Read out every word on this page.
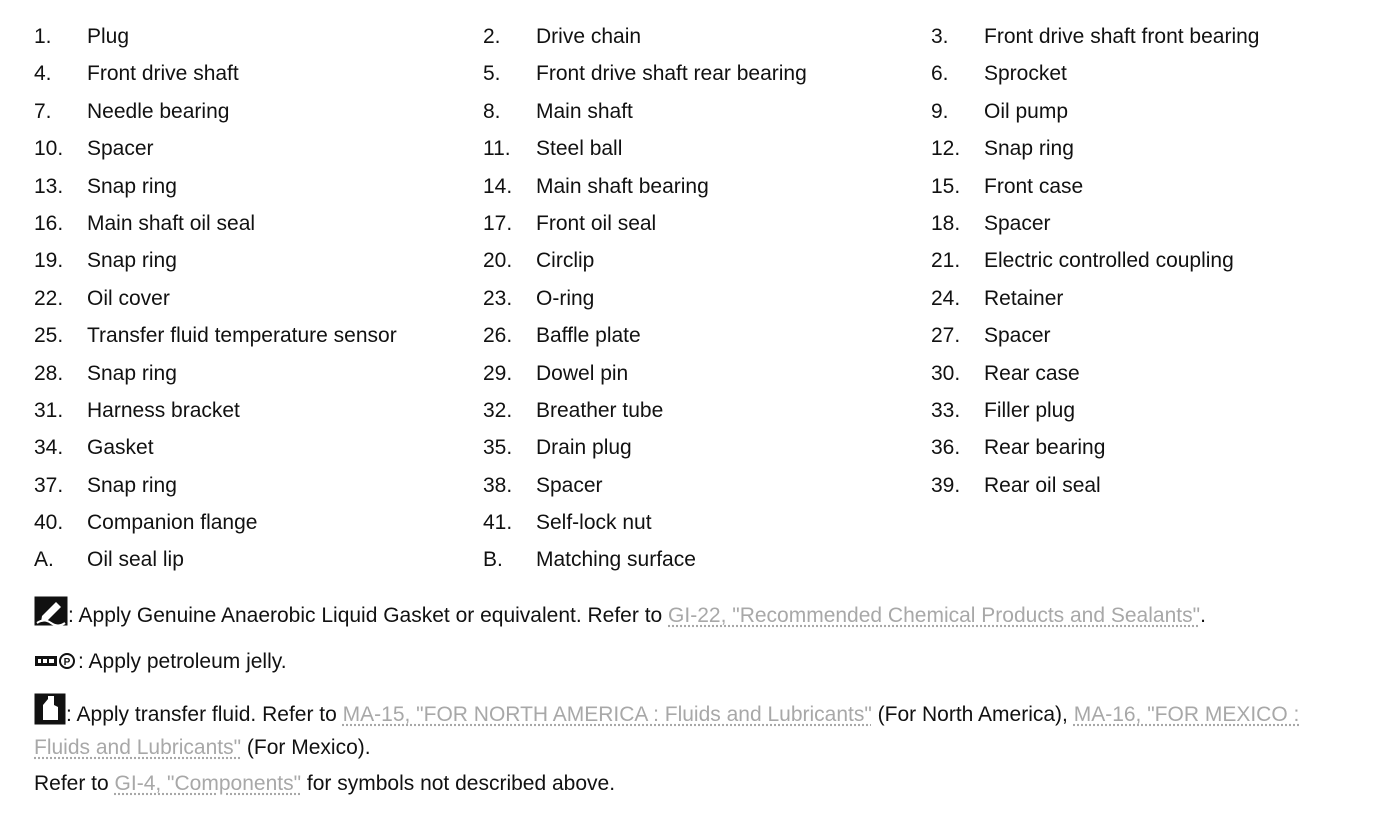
1. Plug	2. Drive chain	3. Front drive shaft front bearing
4. Front drive shaft	5. Front drive shaft rear bearing	6. Sprocket
7. Needle bearing	8. Main shaft	9. Oil pump
10. Spacer	11. Steel ball	12. Snap ring
13. Snap ring	14. Main shaft bearing	15. Front case
16. Main shaft oil seal	17. Front oil seal	18. Spacer
19. Snap ring	20. Circlip	21. Electric controlled coupling
22. Oil cover	23. O-ring	24. Retainer
25. Transfer fluid temperature sensor	26. Baffle plate	27. Spacer
28. Snap ring	29. Dowel pin	30. Rear case
31. Harness bracket	32. Breather tube	33. Filler plug
34. Gasket	35. Drain plug	36. Rear bearing
37. Snap ring	38. Spacer	39. Rear oil seal
40. Companion flange	41. Self-lock nut
A. Oil seal lip	B. Matching surface
: Apply Genuine Anaerobic Liquid Gasket or equivalent. Refer to GI-22, "Recommended Chemical Products and Sealants".
P : Apply petroleum jelly.
: Apply transfer fluid. Refer to MA-15, "FOR NORTH AMERICA : Fluids and Lubricants" (For North America), MA-16, "FOR MEXICO : Fluids and Lubricants" (For Mexico).
Refer to GI-4, "Components" for symbols not described above.
